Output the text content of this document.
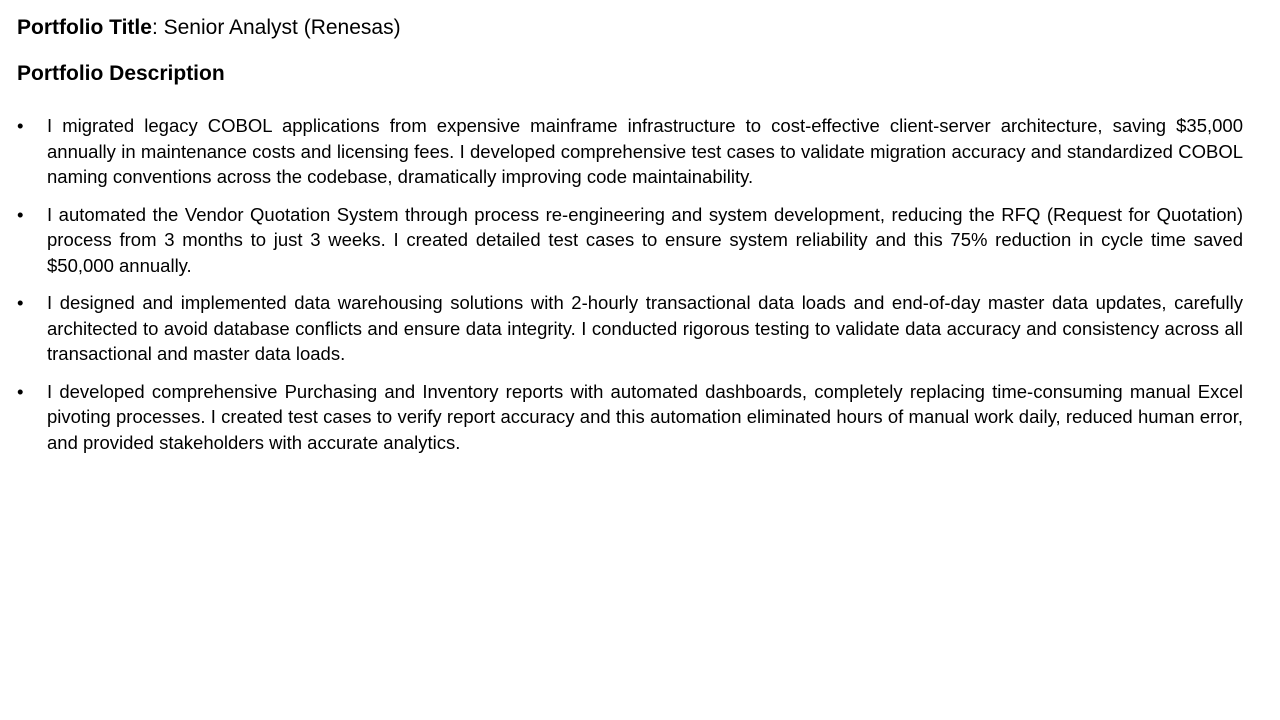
Portfolio Title: Senior Analyst (Renesas)
Portfolio Description
• I migrated legacy COBOL applications from expensive mainframe infrastructure to cost-effective client-server architecture, saving $35,000 annually in maintenance costs and licensing fees. I developed comprehensive test cases to validate migration accuracy and standardized COBOL naming conventions across the codebase, dramatically improving code maintainability.
• I automated the Vendor Quotation System through process re-engineering and system development, reducing the RFQ (Request for Quotation) process from 3 months to just 3 weeks. I created detailed test cases to ensure system reliability and this 75% reduction in cycle time saved $50,000 annually.
• I designed and implemented data warehousing solutions with 2-hourly transactional data loads and end-of-day master data updates, carefully architected to avoid database conflicts and ensure data integrity. I conducted rigorous testing to validate data accuracy and consistency across all transactional and master data loads.
• I developed comprehensive Purchasing and Inventory reports with automated dashboards, completely replacing time-consuming manual Excel pivoting processes. I created test cases to verify report accuracy and this automation eliminated hours of manual work daily, reduced human error, and provided stakeholders with accurate analytics.
